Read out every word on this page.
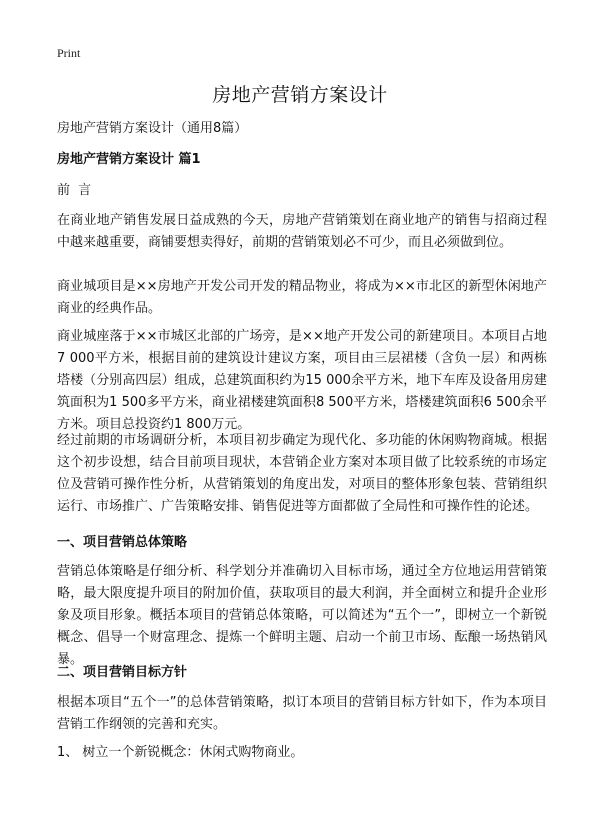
Print
房地产营销方案设计

房地产营销方案设计（通用8篇）

房地产营销方案设计 篇1

前 言

在商业地产销售发展日益成熟的今天，房地产营销策划在商业地产的销售与招商过程中越来越重要，商铺要想卖得好，前期的营销策划必不可少，而且必须做到位。

商业城项目是××房地产开发公司开发的精品物业，将成为××市北区的新型休闲地产商业的经典作品。

商业城座落于××市城区北部的广场旁，是××地产开发公司的新建项目。本项目占地7 000平方米，根据目前的建筑设计建议方案，项目由三层裙楼（含负一层）和两栋塔楼（分别高四层）组成，总建筑面积约为15 000余平方米，地下车库及设备用房建筑面积为1 500多平方米，商业裙楼建筑面积8 500平方米，塔楼建筑面积6 500余平方米。项目总投资约1 800万元。

经过前期的市场调研分析，本项目初步确定为现代化、多功能的休闲购物商城。根据这个初步设想，结合目前项目现状，本营销企业方案对本项目做了比较系统的市场定位及营销可操作性分析，从营销策划的角度出发，对项目的整体形象包装、营销组织运行、市场推广、广告策略安排、销售促进等方面都做了全局性和可操作性的论述。

一、项目营销总体策略

营销总体策略是仔细分析、科学划分并准确切入目标市场，通过全方位地运用营销策略，最大限度提升项目的附加价值，获取项目的最大利润，并全面树立和提升企业形象及项目形象。概括本项目的营销总体策略，可以简述为“五个一”，即树立一个新锐概念、倡导一个财富理念、提炼一个鲜明主题、启动一个前卫市场、酝酿一场热销风暴。

二、项目营销目标方针

根据本项目“五个一”的总体营销策略，拟订本项目的营销目标方针如下，作为本项目营销工作纲领的完善和充实。

1、 树立一个新锐概念：休闲式购物商业。
